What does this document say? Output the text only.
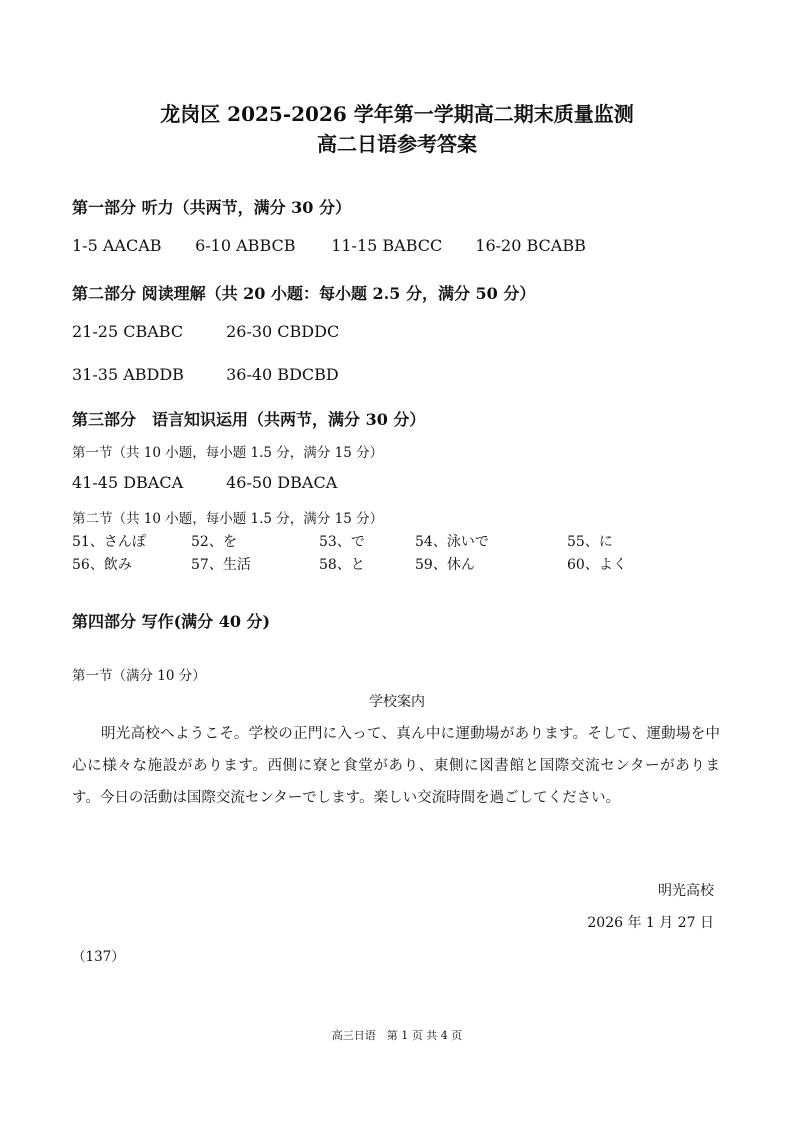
龙岗区 2025-2026 学年第一学期高二期末质量监测
高二日语参考答案
第一部分 听力（共两节，满分 30 分）
1-5 AACAB 6-10 ABBCB 11-15 BABCC 16-20 BCABB
第二部分 阅读理解（共 20 小题：每小题 2.5 分，满分 50 分）
21-25 CBABC	26-30 CBDDC
31-35 ABDDB	36-40 BDCBD
第三部分　语言知识运用（共两节，满分 30 分）
第一节（共 10 小题，每小题 1.5 分，满分 15 分）
41-45 DBACA	46-50 DBACA
第二节（共 10 小题，每小题 1.5 分，满分 15 分）
51、さんぽ	52、を	53、で	54、泳いで	55、に
56、飲み	57、生活	58、と	59、休ん	60、よく
第四部分 写作(满分 40 分)
第一节（满分 10 分）
学校案内
明光高校へようこそ。学校の正門に入って、真ん中に運動場があります。そして、運動場を中心に様々な施設があります。西側に寮と食堂があり、東側に図書館と国際交流センターがあります。今日の活動は国際交流センターでします。楽しい交流時間を過ごしてください。
明光高校
2026 年 1 月 27 日
（137）
高三日语　第 1 页 共 4 页
